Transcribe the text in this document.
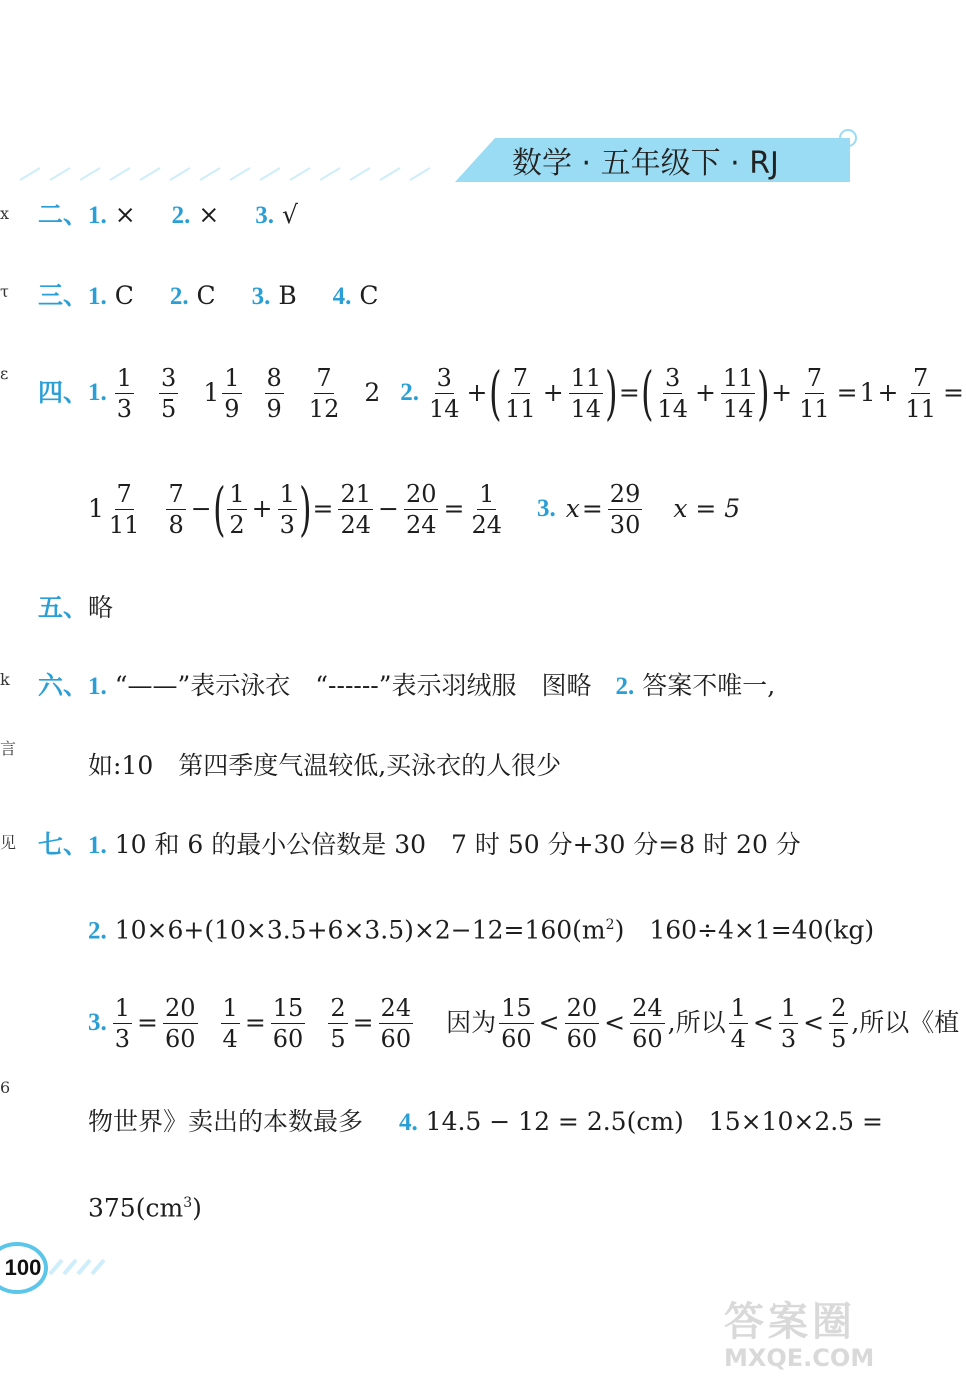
数学 · 五年级下 · RJ
x
τ
ε
k
言
见
6
二、1. × 2. × 3. √
三、1. C 2. C 3. B 4. C
四、 1. $\frac{1}{3} \frac{3}{5} 1 \frac{1}{9} \frac{8}{9} \frac{7}{12} 2$ 2. $\frac{3}{14}$ + ( $\frac{7}{11} + \frac{11}{14}$ ) = ( $\frac{3}{14} + \frac{11}{14}$ ) + $\frac{7}{11} = 1 + \frac{7}{11}$ =
$1 \frac{7}{11} \frac{7}{8}$ − ( $\frac{1}{2} + \frac{1}{3}$ ) = $\frac{21}{24} - \frac{20}{24} = \frac{1}{24} 3$. $x = \frac{29}{30}$ x = 5
五、略
六、1. “——”表示泳衣　“------”表示羽绒服　图略 2. 答案不唯一,
如:10　第四季度气温较低,买泳衣的人很少
七、1. 10 和 6 的最小公倍数是 30　7 时 50 分+30 分=8 时 20 分
2. $10\times 6+(10\times 3.5+6\times 3.5)\times 2-12=160(m^2)$　160÷4×1=40(kg)
3. $\frac{1}{3} = \frac{20}{60} \frac{1}{4} = \frac{15}{60} \frac{2}{5} = \frac{24}{60}$ 因为 $\frac{15}{60} < \frac{20}{60} < \frac{24}{60}$ ,所以 $\frac{1}{4} < \frac{1}{3} < \frac{2}{5}$ ,所以《植
物世界》卖出的本数最多 4. 14.5 − 12 = 2.5(cm)　15×10×2.5 =
$375(cm^3)$
100
答案圈
MXQE.COM
